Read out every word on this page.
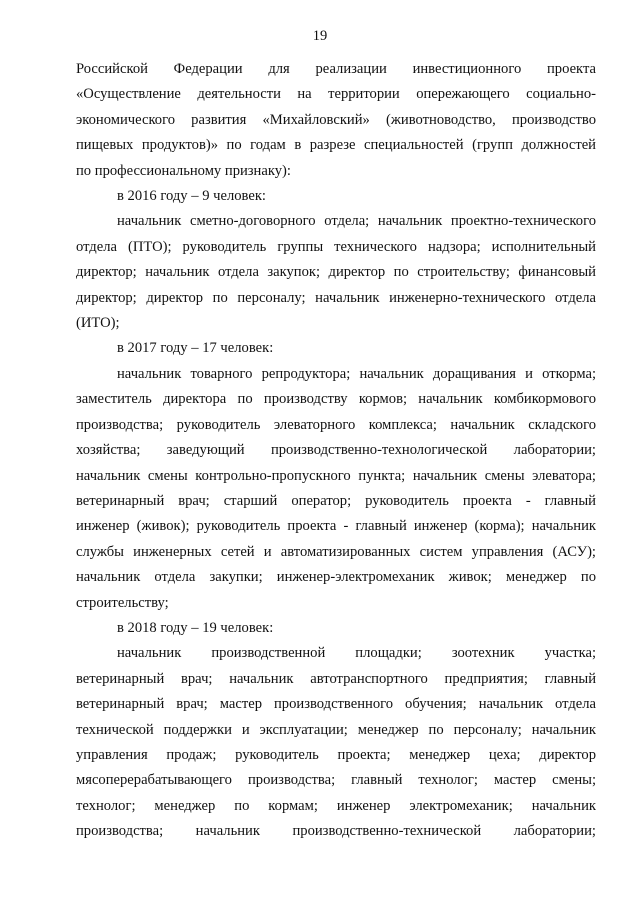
19

Российской Федерации для реализации инвестиционного проекта

«Осуществление деятельности на территории опережающего социально-

экономического развития «Михайловский» (животноводство, производство

пищевых продуктов)» по годам в разрезе специальностей (групп должностей

по профессиональному признаку):

в 2016 году – 9 человек:

начальник сметно-договорного отдела; начальник проектно-технического

отдела (ПТО); руководитель группы технического надзора; исполнительный

директор; начальник отдела закупок; директор по строительству; финансовый

директор; директор по персоналу; начальник инженерно-технического отдела

(ИТО);

в 2017 году – 17 человек:

начальник товарного репродуктора; начальник доращивания и откорма;

заместитель директора по производству кормов; начальник комбикормового

производства; руководитель элеваторного комплекса; начальник складского

хозяйства; заведующий производственно-технологической лаборатории;

начальник смены контрольно-пропускного пункта; начальник смены элеватора;

ветеринарный врач; старший оператор; руководитель проекта - главный

инженер (живок); руководитель проекта - главный инженер (корма); начальник

службы инженерных сетей и автоматизированных систем управления (АСУ);

начальник отдела закупки; инженер-электромеханик живок; менеджер по

строительству;

в 2018 году – 19 человек:

начальник производственной площадки; зоотехник участка;

ветеринарный врач; начальник автотранспортного предприятия; главный

ветеринарный врач; мастер производственного обучения; начальник отдела

технической поддержки и эксплуатации; менеджер по персоналу; начальник

управления продаж; руководитель проекта; менеджер цеха; директор

мясоперерабатывающего производства; главный технолог; мастер смены;

технолог; менеджер по кормам; инженер электромеханик; начальник

производства; начальник производственно-технической лаборатории;
